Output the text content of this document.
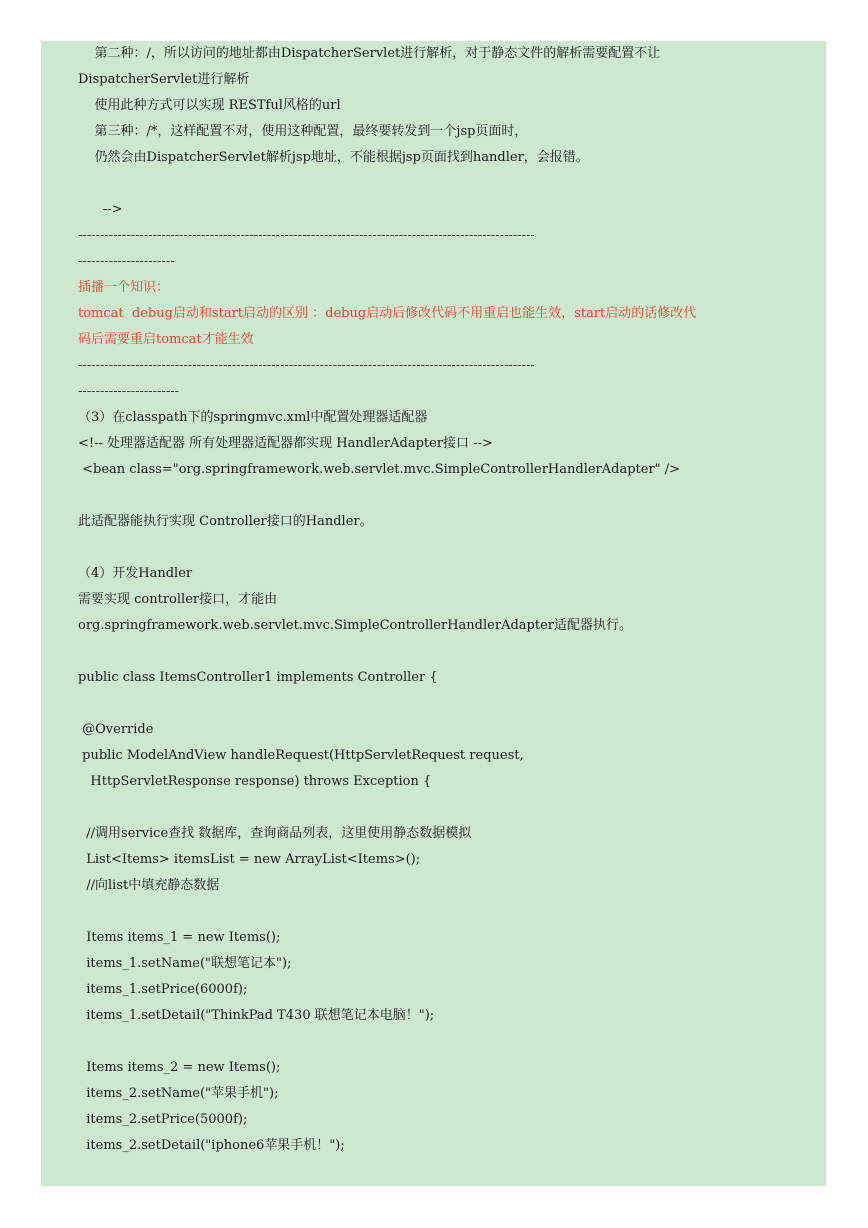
第二种：/，所以访问的地址都由DispatcherServlet进行解析，对于静态文件的解析需要配置不让
DispatcherServlet进行解析
使用此种方式可以实现 RESTful风格的url
第三种：/*，这样配置不对，使用这种配置，最终要转发到一个jsp页面时，
仍然会由DispatcherServlet解析jsp地址，不能根据jsp页面找到handler，会报错。
-->
--------------------------------------------------------------------------------------------------------
----------------------
插播一个知识：
tomcat  debug启动和start启动的区别 ：debug启动后修改代码不用重启也能生效，start启动的话修改代
码后需要重启tomcat才能生效
--------------------------------------------------------------------------------------------------------
-----------------------
（3）在classpath下的springmvc.xml中配置处理器适配器
<!-- 处理器适配器 所有处理器适配器都实现 HandlerAdapter接口 -->
<bean class="org.springframework.web.servlet.mvc.SimpleControllerHandlerAdapter" />
此适配器能执行实现 Controller接口的Handler。
（4）开发Handler
需要实现 controller接口，才能由
org.springframework.web.servlet.mvc.SimpleControllerHandlerAdapter适配器执行。
public class ItemsController1 implements Controller {
@Override
public ModelAndView handleRequest(HttpServletRequest request,
HttpServletResponse response) throws Exception {
//调用service查找 数据库，查询商品列表，这里使用静态数据模拟
List<Items> itemsList = new ArrayList<Items>();
//向list中填充静态数据
Items items_1 = new Items();
items_1.setName("联想笔记本");
items_1.setPrice(6000f);
items_1.setDetail("ThinkPad T430 联想笔记本电脑！");
Items items_2 = new Items();
items_2.setName("苹果手机");
items_2.setPrice(5000f);
items_2.setDetail("iphone6苹果手机！");
